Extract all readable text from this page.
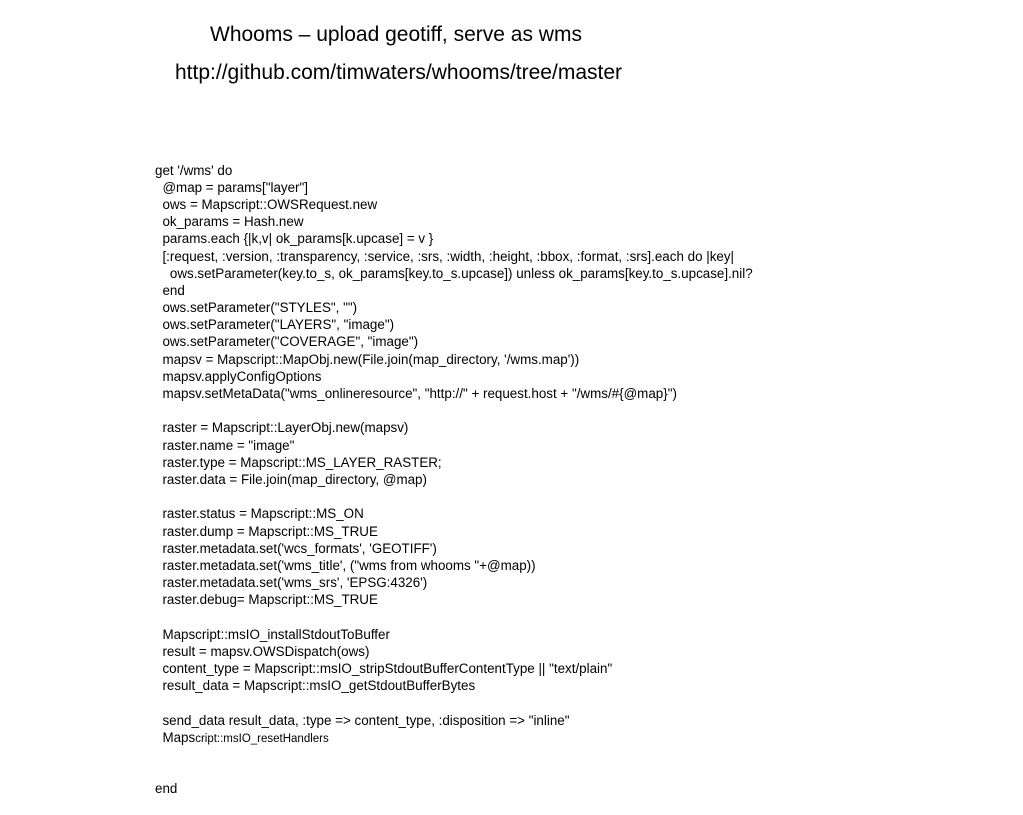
Whooms – upload geotiff, serve as wms
http://github.com/timwaters/whooms/tree/master

get '/wms' do
@map = params["layer"]
ows = Mapscript::OWSRequest.new
ok_params = Hash.new
params.each {|k,v| ok_params[k.upcase] = v }
[:request, :version, :transparency, :service, :srs, :width, :height, :bbox, :format, :srs].each do |key|
ows.setParameter(key.to_s, ok_params[key.to_s.upcase]) unless ok_params[key.to_s.upcase].nil?
end
ows.setParameter("STYLES", "")
ows.setParameter("LAYERS", "image")
ows.setParameter("COVERAGE", "image")
mapsv = Mapscript::MapObj.new(File.join(map_directory, '/wms.map'))
mapsv.applyConfigOptions
mapsv.setMetaData("wms_onlineresource", "http://" + request.host + "/wms/#{@map}")
raster = Mapscript::LayerObj.new(mapsv)
raster.name = "image"
raster.type = Mapscript::MS_LAYER_RASTER;
raster.data = File.join(map_directory, @map)
raster.status = Mapscript::MS_ON
raster.dump = Mapscript::MS_TRUE
raster.metadata.set('wcs_formats', 'GEOTIFF')
raster.metadata.set('wms_title', ("wms from whooms "+@map))
raster.metadata.set('wms_srs', 'EPSG:4326')
raster.debug= Mapscript::MS_TRUE
Mapscript::msIO_installStdoutToBuffer
result = mapsv.OWSDispatch(ows)
content_type = Mapscript::msIO_stripStdoutBufferContentType || "text/plain"
result_data = Mapscript::msIO_getStdoutBufferBytes
send_data result_data, :type => content_type, :disposition => "inline"
Mapscript::msIO_resetHandlers

end
